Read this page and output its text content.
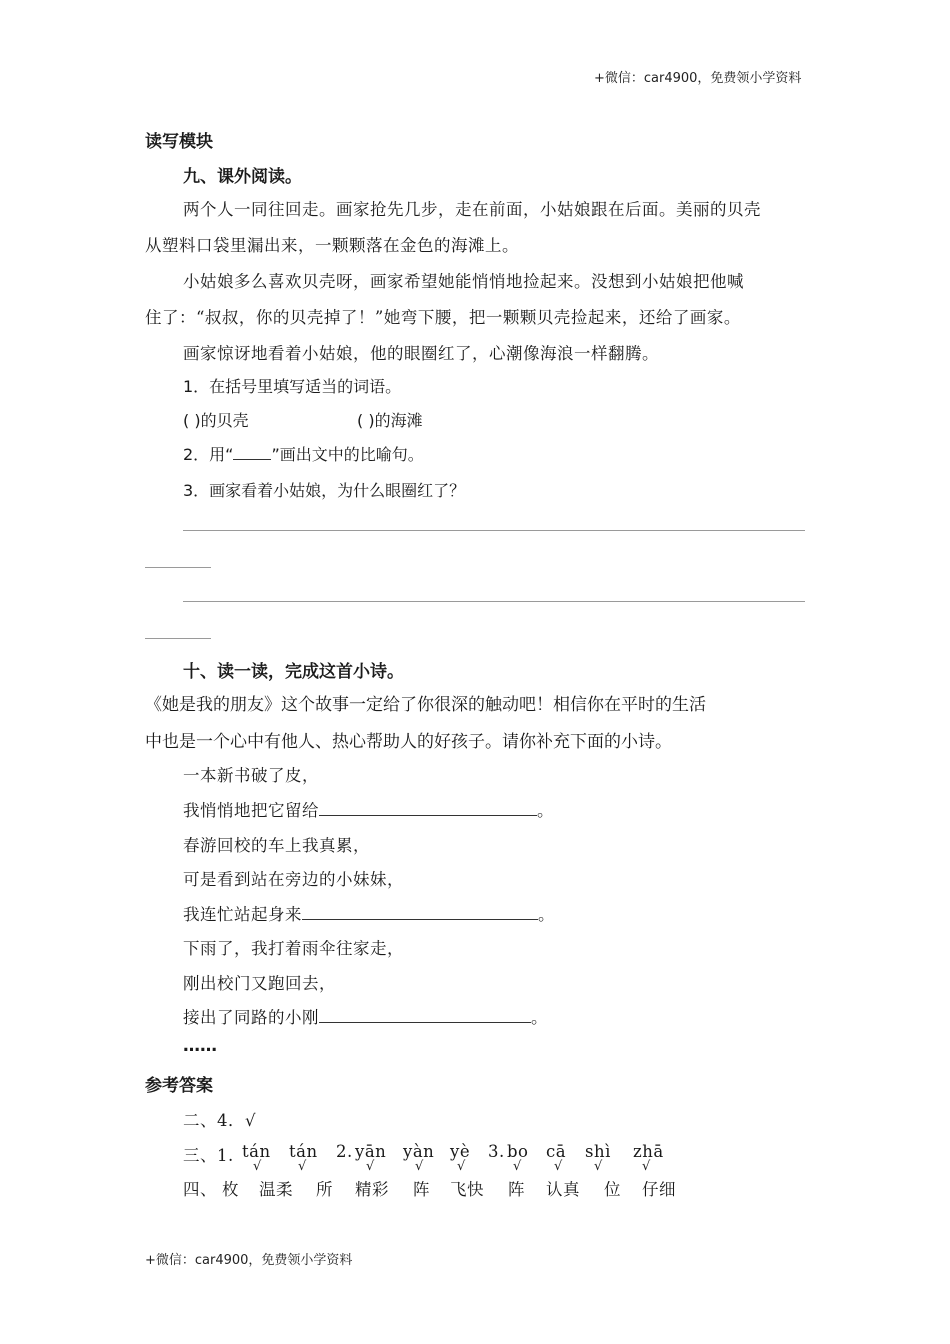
+微信：car4900，免费领小学资料
读写模块
九、课外阅读。
两个人一同往回走。画家抢先几步，走在前面，小姑娘跟在后面。美丽的贝壳
从塑料口袋里漏出来，一颗颗落在金色的海滩上。
小姑娘多么喜欢贝壳呀，画家希望她能悄悄地捡起来。没想到小姑娘把他喊
住了：“叔叔，你的贝壳掉了！”她弯下腰，把一颗颗贝壳捡起来，还给了画家。
画家惊讶地看着小姑娘，他的眼圈红了，心潮像海浪一样翻腾。
1．在括号里填写适当的词语。
( )的贝壳	( )的海滩
2．用“ ”画出文中的比喻句。
3．画家看着小姑娘，为什么眼圈红了？
十、读一读，完成这首小诗。
《她是我的朋友》这个故事一定给了你很深的触动吧！相信你在平时的生活
中也是一个心中有他人、热心帮助人的好孩子。请你补充下面的小诗。
一本新书破了皮，
我悄悄地把它留给	。
春游回校的车上我真累，
可是看到站在旁边的小妹妹，
我连忙站起身来	。
下雨了，我打着雨伞往家走，
刚出校门又跑回去，
接出了同路的小刚	。
……
参考答案
二、4．√
三、1. tán tán 2. yān yàn yè 3. bo cā shì zhā
√	√	√	√	√	√	√ √	√
四、 枚 温柔 所 精彩 阵 飞快 阵 认真 位 仔细
+微信：car4900，免费领小学资料
